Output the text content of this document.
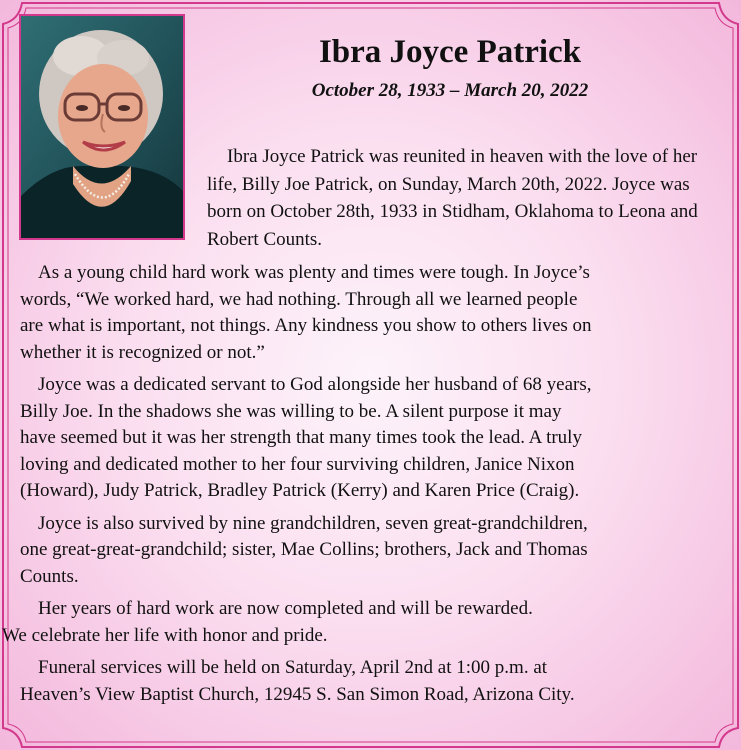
Ibra Joyce Patrick
October 28, 1933 – March 20, 2022

Ibra Joyce Patrick was reunited in heaven with the love of her life, Billy Joe Patrick, on Sunday, March 20th, 2022. Joyce was born on October 28th, 1933 in Stidham, Oklahoma to Leona and Robert Counts.

As a young child hard work was plenty and times were tough. In Joyce’s
words, “We worked hard, we had nothing. Through all we learned people
are what is important, not things. Any kindness you show to others lives on
whether it is recognized or not.”

Joyce was a dedicated servant to God alongside her husband of 68 years,
Billy Joe. In the shadows she was willing to be. A silent purpose it may
have seemed but it was her strength that many times took the lead. A truly
loving and dedicated mother to her four surviving children, Janice Nixon
(Howard), Judy Patrick, Bradley Patrick (Kerry) and Karen Price (Craig).

Joyce is also survived by nine grandchildren, seven great-grandchildren,
one great-great-grandchild; sister, Mae Collins; brothers, Jack and Thomas
Counts.

Her years of hard work are now completed and will be rewarded.
We celebrate her life with honor and pride.

Funeral services will be held on Saturday, April 2nd at 1:00 p.m. at
Heaven’s View Baptist Church, 12945 S. San Simon Road, Arizona City.
